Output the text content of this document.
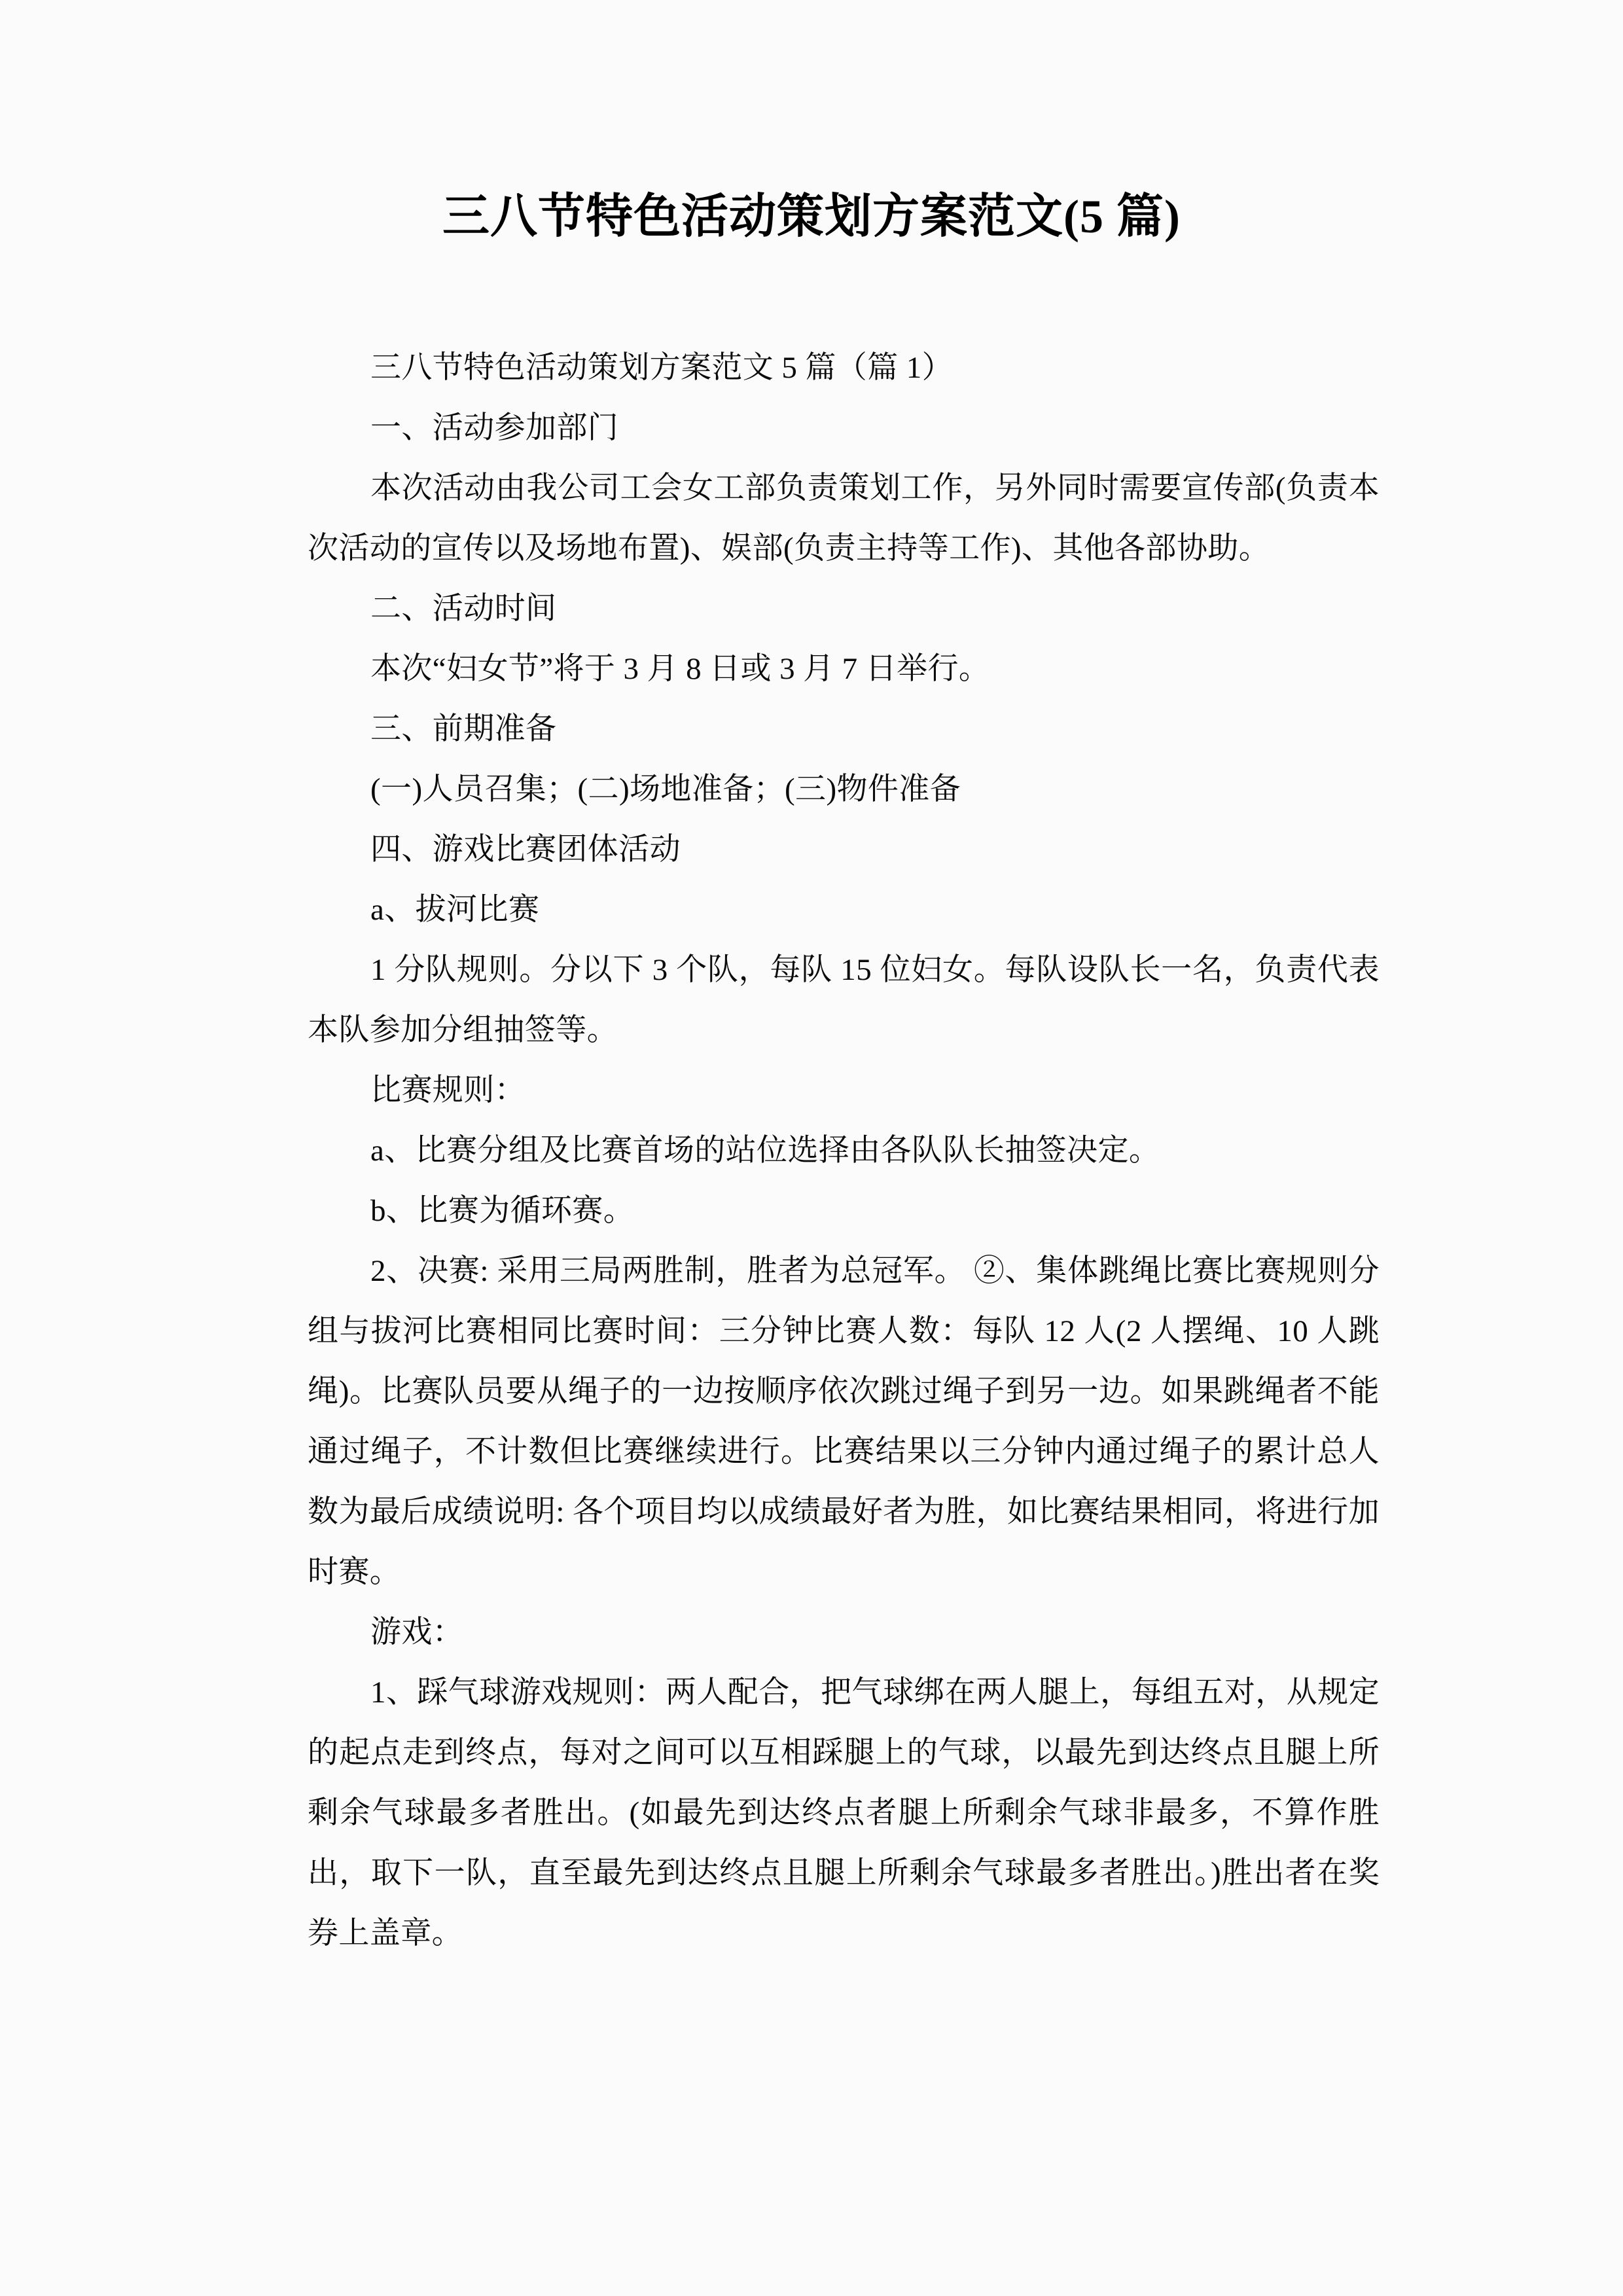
三八节特色活动策划方案范文(5 篇)

三八节特色活动策划方案范文 5 篇（篇 1）

一、活动参加部门

本次活动由我公司工会女工部负责策划工作，另外同时需要宣传部(负责本次活动的宣传以及场地布置)、娱部(负责主持等工作)、其他各部协助。

二、活动时间

本次“妇女节”将于 3 月 8 日或 3 月 7 日举行。

三、前期准备

(一)人员召集；(二)场地准备；(三)物件准备

四、游戏比赛团体活动

a、拔河比赛

1 分队规则。分以下 3 个队，每队 15 位妇女。每队设队长一名，负责代表本队参加分组抽签等。

比赛规则：

a、比赛分组及比赛首场的站位选择由各队队长抽签决定。

b、比赛为循环赛。

2、决赛: 采用三局两胜制，胜者为总冠军。 ②、集体跳绳比赛比赛规则分组与拔河比赛相同比赛时间：三分钟比赛人数：每队 12 人(2 人摆绳、10 人跳绳)。比赛队员要从绳子的一边按顺序依次跳过绳子到另一边。如果跳绳者不能通过绳子，不计数但比赛继续进行。比赛结果以三分钟内通过绳子的累计总人数为最后成绩说明: 各个项目均以成绩最好者为胜，如比赛结果相同，将进行加时赛。

游戏：

1、踩气球游戏规则：两人配合，把气球绑在两人腿上，每组五对，从规定的起点走到终点，每对之间可以互相踩腿上的气球，以最先到达终点且腿上所剩余气球最多者胜出。(如最先到达终点者腿上所剩余气球非最多，不算作胜出，取下一队，直至最先到达终点且腿上所剩余气球最多者胜出。)胜出者在奖券上盖章。
